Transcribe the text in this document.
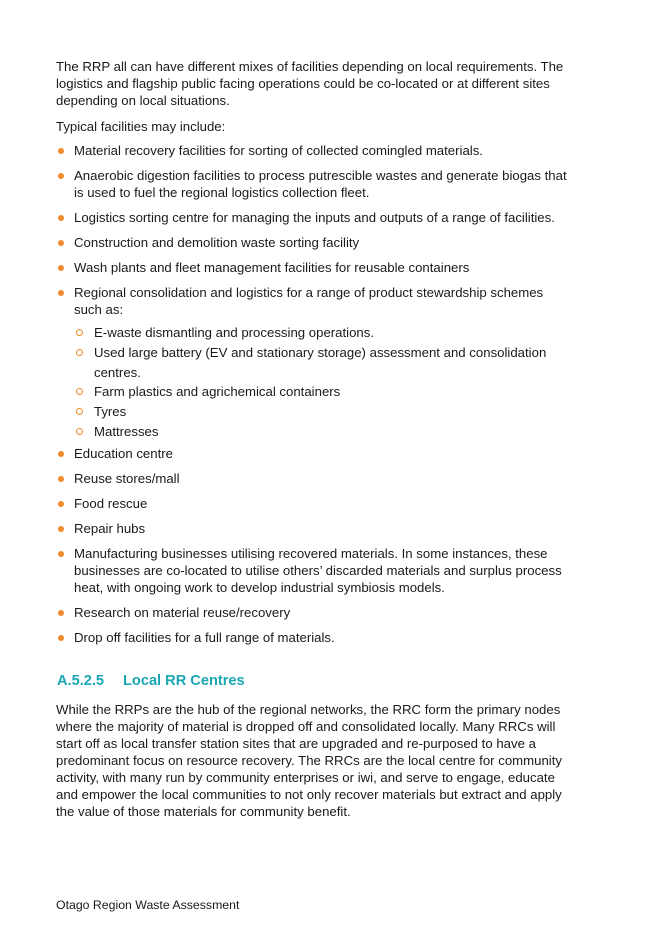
The RRP all can have different mixes of facilities depending on local requirements. The logistics and flagship public facing operations could be co-located or at different sites depending on local situations.

Typical facilities may include:

Material recovery facilities for sorting of collected comingled materials.
Anaerobic digestion facilities to process putrescible wastes and generate biogas that is used to fuel the regional logistics collection fleet.
Logistics sorting centre for managing the inputs and outputs of a range of facilities.
Construction and demolition waste sorting facility
Wash plants and fleet management facilities for reusable containers
Regional consolidation and logistics for a range of product stewardship schemes such as:
E-waste dismantling and processing operations.
Used large battery (EV and stationary storage) assessment and consolidation centres.
Farm plastics and agrichemical containers
Tyres
Mattresses
Education centre
Reuse stores/mall
Food rescue
Repair hubs
Manufacturing businesses utilising recovered materials. In some instances, these businesses are co-located to utilise others’ discarded materials and surplus process heat, with ongoing work to develop industrial symbiosis models.
Research on material reuse/recovery
Drop off facilities for a full range of materials.
A.5.2.5 Local RR Centres

While the RRPs are the hub of the regional networks, the RRC form the primary nodes where the majority of material is dropped off and consolidated locally. Many RRCs will start off as local transfer station sites that are upgraded and re-purposed to have a predominant focus on resource recovery. The RRCs are the local centre for community activity, with many run by community enterprises or iwi, and serve to engage, educate and empower the local communities to not only recover materials but extract and apply the value of those materials for community benefit.

Otago Region Waste Assessment
